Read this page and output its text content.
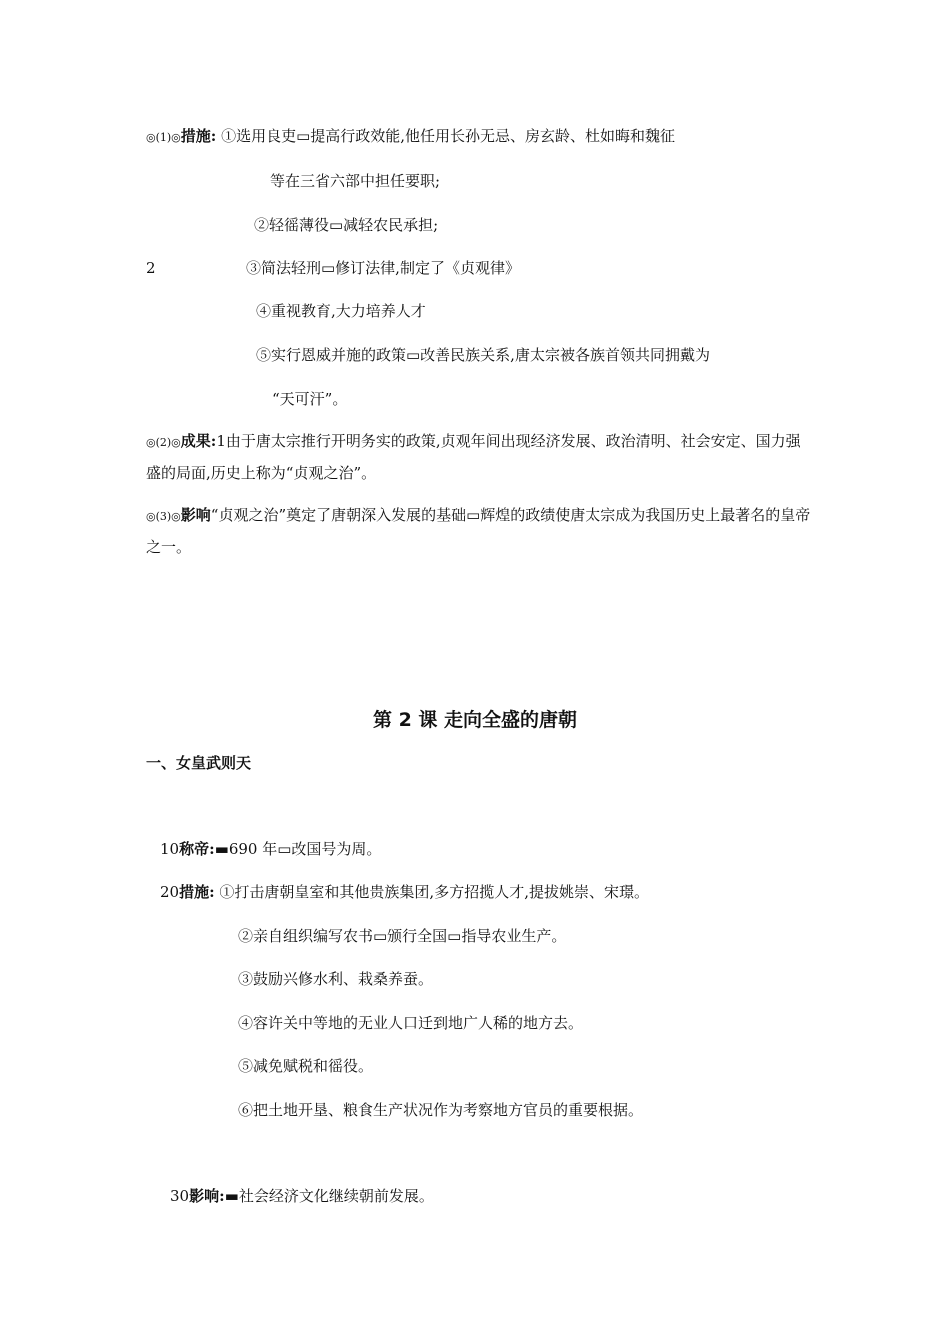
◎(1)◎措施: ①选用良吏▭提高行政效能,他任用长孙无忌、房玄龄、杜如晦和魏征
等在三省六部中担任要职;
②轻徭薄役▭减轻农民承担;
2	③简法轻刑▭修订法律,制定了《贞观律》
④重视教育,大力培养人才
⑤实行恩威并施的政策▭改善民族关系,唐太宗被各族首领共同拥戴为
“天可汗”。
◎(2)◎成果:1由于唐太宗推行开明务实的政策,贞观年间出现经济发展、政治清明、社会安定、国力强盛的局面,历史上称为“贞观之治”。
◎(3)◎影响“贞观之治”奠定了唐朝深入发展的基础▭辉煌的政绩使唐太宗成为我国历史上最著名的皇帝之一。
第 2 课 走向全盛的唐朝
一、女皇武则天
10称帝:▬690 年▭改国号为周。
20措施: ①打击唐朝皇室和其他贵族集团,多方招揽人才,提拔姚崇、宋璟。
②亲自组织编写农书▭颁行全国▭指导农业生产。
③鼓励兴修水利、栽桑养蚕。
④容许关中等地的无业人口迁到地广人稀的地方去。
⑤减免赋税和徭役。
⑥把土地开垦、粮食生产状况作为考察地方官员的重要根据。
30影响:▬社会经济文化继续朝前发展。
